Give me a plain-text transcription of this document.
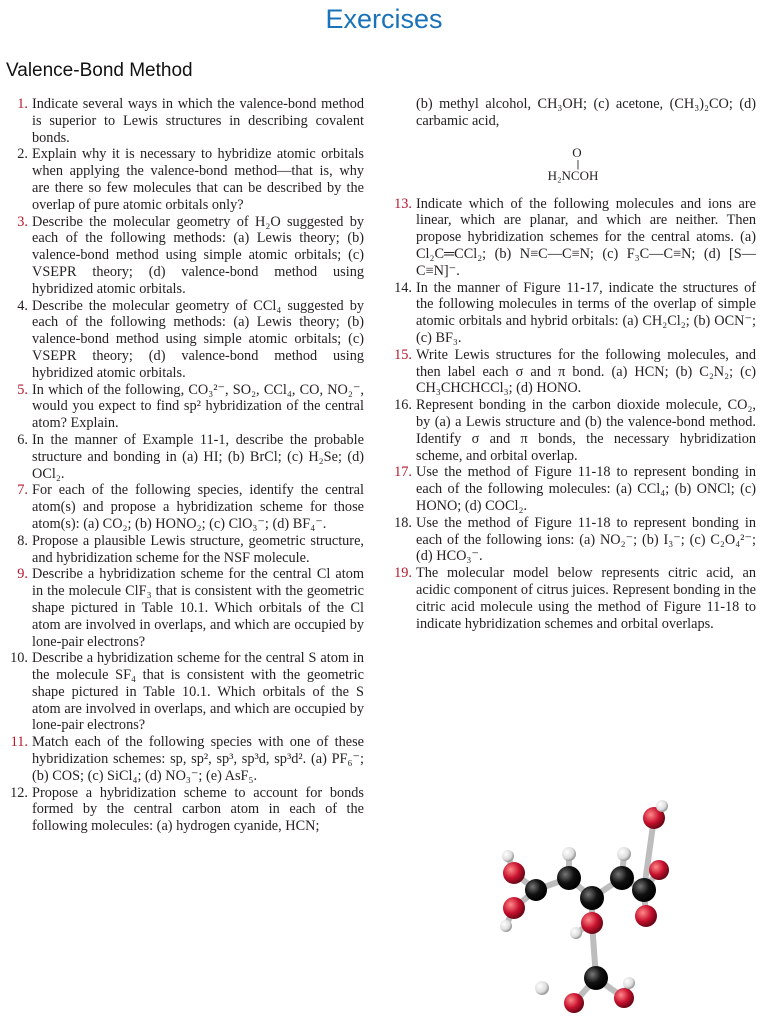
Exercises
Valence-Bond Method
1. Indicate several ways in which the valence-bond method is superior to Lewis structures in describing covalent bonds.
2. Explain why it is necessary to hybridize atomic orbitals when applying the valence-bond method—that is, why are there so few molecules that can be described by the overlap of pure atomic orbitals only?
3. Describe the molecular geometry of H₂O suggested by each of the following methods: (a) Lewis theory; (b) valence-bond method using simple atomic orbitals; (c) VSEPR theory; (d) valence-bond method using hybridized atomic orbitals.
4. Describe the molecular geometry of CCl₄ suggested by each of the following methods: (a) Lewis theory; (b) valence-bond method using simple atomic orbitals; (c) VSEPR theory; (d) valence-bond method using hybridized atomic orbitals.
5. In which of the following, CO₃²⁻, SO₂, CCl₄, CO, NO₂⁻, would you expect to find sp² hybridization of the central atom? Explain.
6. In the manner of Example 11-1, describe the probable structure and bonding in (a) HI; (b) BrCl; (c) H₂Se; (d) OCl₂.
7. For each of the following species, identify the central atom(s) and propose a hybridization scheme for those atom(s): (a) CO₂; (b) HONO₂; (c) ClO₃⁻; (d) BF₄⁻.
8. Propose a plausible Lewis structure, geometric structure, and hybridization scheme for the NSF molecule.
9. Describe a hybridization scheme for the central Cl atom in the molecule ClF₃ that is consistent with the geometric shape pictured in Table 10.1. Which orbitals of the Cl atom are involved in overlaps, and which are occupied by lone-pair electrons?
10. Describe a hybridization scheme for the central S atom in the molecule SF₄ that is consistent with the geometric shape pictured in Table 10.1. Which orbitals of the S atom are involved in overlaps, and which are occupied by lone-pair electrons?
11. Match each of the following species with one of these hybridization schemes: sp, sp², sp³, sp³d, sp³d². (a) PF₆⁻; (b) COS; (c) SiCl₄; (d) NO₃⁻; (e) AsF₅.
12. Propose a hybridization scheme to account for bonds formed by the central carbon atom in each of the following molecules: (a) hydrogen cyanide, HCN;
(b) methyl alcohol, CH₃OH; (c) acetone, (CH₃)₂CO; (d) carbamic acid,
O
||
H₂NCOH
13. Indicate which of the following molecules and ions are linear, which are planar, and which are neither. Then propose hybridization schemes for the central atoms. (a) Cl₂C═CCl₂; (b) N≡C—C≡N; (c) F₃C—C≡N; (d) [S—C≡N]⁻.
14. In the manner of Figure 11-17, indicate the structures of the following molecules in terms of the overlap of simple atomic orbitals and hybrid orbitals: (a) CH₂Cl₂; (b) OCN⁻; (c) BF₃.
15. Write Lewis structures for the following molecules, and then label each σ and π bond. (a) HCN; (b) C₂N₂; (c) CH₃CHCHCCl₃; (d) HONO.
16. Represent bonding in the carbon dioxide molecule, CO₂, by (a) a Lewis structure and (b) the valence-bond method. Identify σ and π bonds, the necessary hybridization scheme, and orbital overlap.
17. Use the method of Figure 11-18 to represent bonding in each of the following molecules: (a) CCl₄; (b) ONCl; (c) HONO; (d) COCl₂.
18. Use the method of Figure 11-18 to represent bonding in each of the following ions: (a) NO₂⁻; (b) I₃⁻; (c) C₂O₄²⁻; (d) HCO₃⁻.
19. The molecular model below represents citric acid, an acidic component of citrus juices. Represent bonding in the citric acid molecule using the method of Figure 11-18 to indicate hybridization schemes and orbital overlaps.
